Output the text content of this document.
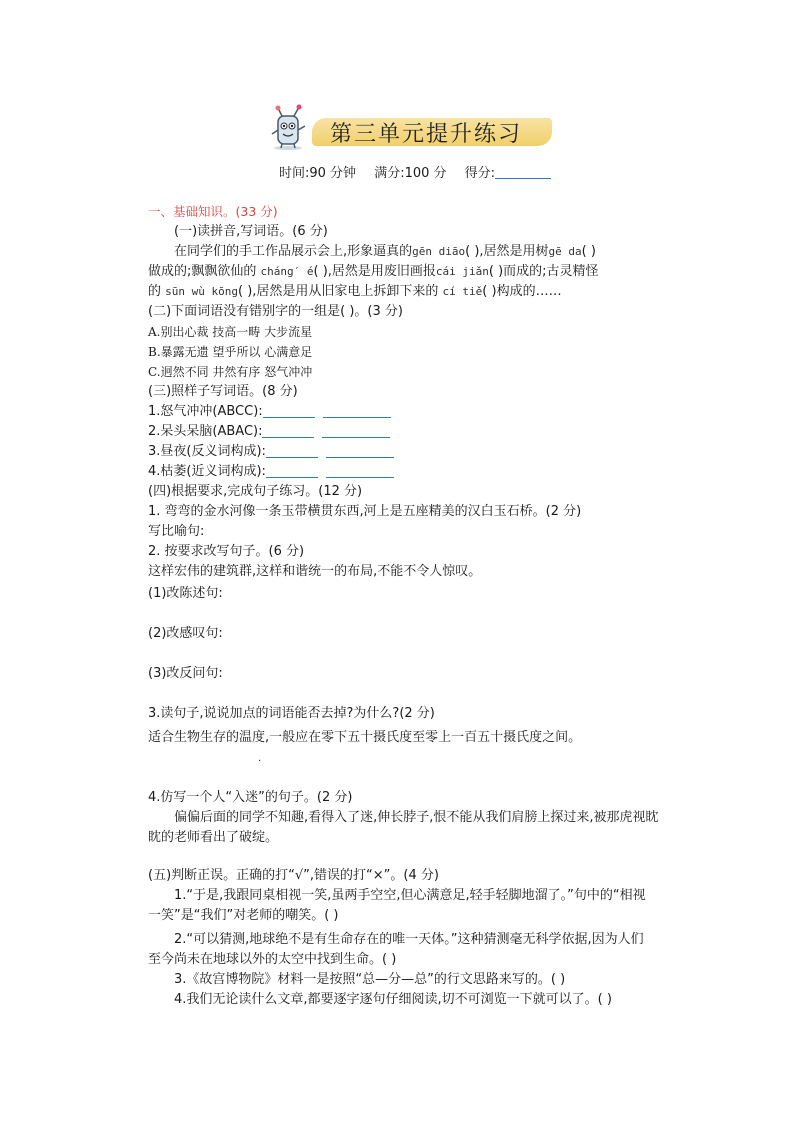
第三单元提升练习
时间:90 分钟 满分:100 分 得分:
一、基础知识。(33 分)
(一)读拼音,写词语。(6 分)
在同学们的手工作品展示会上,形象逼真的gēn diāo( ),居然是用树gē da( )
做成的;飘飘欲仙的 cháng′ é( ),居然是用废旧画报cái jiǎn( )而成的;古灵精怪
的 sūn wù kōng( ),居然是用从旧家电上拆卸下来的 cí tiě( )构成的……
(二)下面词语没有错别字的一组是( )。(3 分)
A.别出心裁 技高一畴 大步流星
B.暴露无遗 望乎所以 心满意足
C.迥然不同 井然有序 怒气冲冲
(三)照样子写词语。(8 分)
1.怒气冲冲(ABCC):
2.呆头呆脑(ABAC):
3.昼夜(反义词构成):
4.枯萎(近义词构成):
(四)根据要求,完成句子练习。(12 分)
1. 弯弯的金水河像一条玉带横贯东西,河上是五座精美的汉白玉石桥。(2 分)
写比喻句:
2. 按要求改写句子。(6 分)
这样宏伟的建筑群,这样和谐统一的布局,不能不令人惊叹。
(1)改陈述句:
(2)改感叹句:
(3)改反问句:
3.读句子,说说加点的词语能否去掉?为什么?(2 分)
适合生物生存的温度,一般应在零下五十摄氏度至零上一百五十摄氏度之间。
·
4.仿写一个人“入迷”的句子。(2 分)
偏偏后面的同学不知趣,看得入了迷,伸长脖子,恨不能从我们肩膀上探过来,被那虎视眈
眈的老师看出了破绽。
(五)判断正误。正确的打“√”,错误的打“×”。(4 分)
1.“于是,我跟同桌相视一笑,虽两手空空,但心满意足,轻手轻脚地溜了。”句中的“相视
一笑”是“我们”对老师的嘲笑。( )
2.“可以猜测,地球绝不是有生命存在的唯一天体。”这种猜测毫无科学依据,因为人们
至今尚未在地球以外的太空中找到生命。( )
3.《故宫博物院》材料一是按照“总—分—总”的行文思路来写的。( )
4.我们无论读什么文章,都要逐字逐句仔细阅读,切不可浏览一下就可以了。( )
